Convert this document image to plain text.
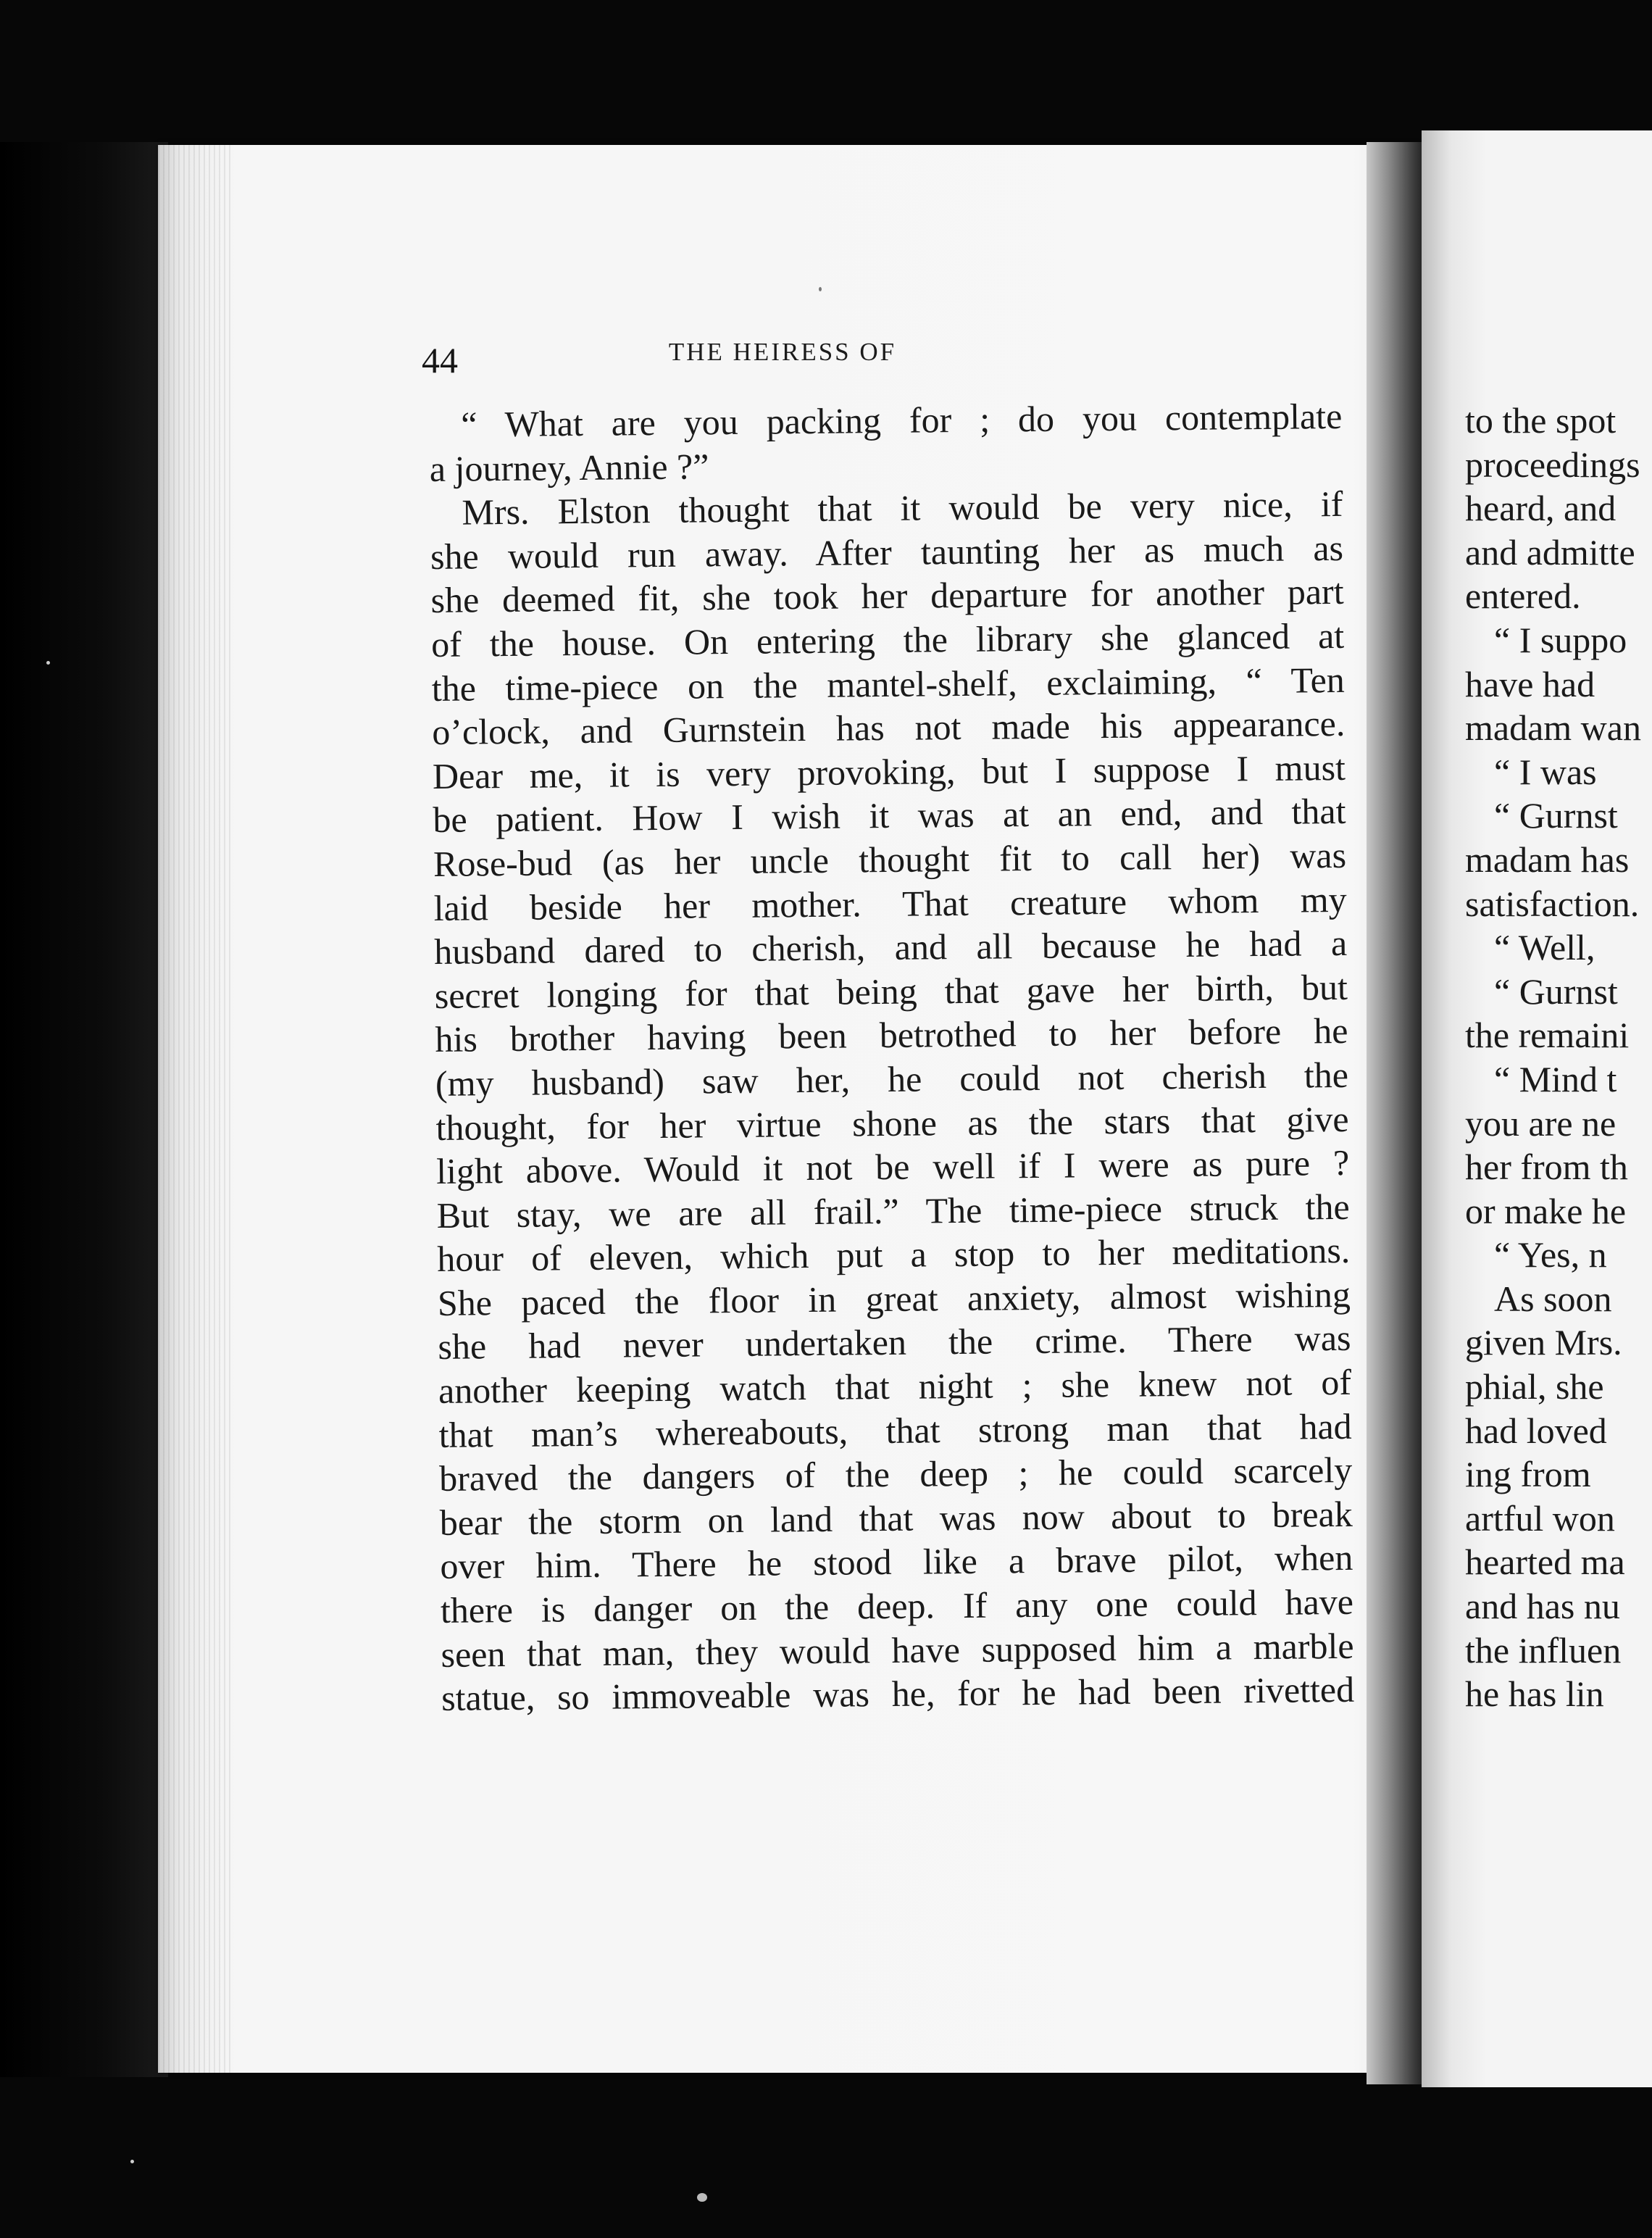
44	THE HEIRESS OF
“ What are you packing for ; do you contemplate
a journey, Annie ?”
Mrs. Elston thought that it would be very nice, if
she would run away. After taunting her as much as
she deemed fit, she took her departure for another part
of the house. On entering the library she glanced at
the time-piece on the mantel-shelf, exclaiming, “ Ten
o’clock, and Gurnstein has not made his appearance.
Dear me, it is very provoking, but I suppose I must
be patient. How I wish it was at an end, and that
Rose-bud (as her uncle thought fit to call her) was
laid beside her mother. That creature whom my
husband dared to cherish, and all because he had a
secret longing for that being that gave her birth, but
his brother having been betrothed to her before he
(my husband) saw her, he could not cherish the
thought, for her virtue shone as the stars that give
light above. Would it not be well if I were as pure ?
But stay, we are all frail.” The time-piece struck the
hour of eleven, which put a stop to her meditations.
She paced the floor in great anxiety, almost wishing
she had never undertaken the crime. There was
another keeping watch that night ; she knew not of
that man’s whereabouts, that strong man that had
braved the dangers of the deep ; he could scarcely
bear the storm on land that was now about to break
over him. There he stood like a brave pilot, when
there is danger on the deep. If any one could have
seen that man, they would have supposed him a marble
statue, so immoveable was he, for he had been rivetted
to the spot
proceedings
heard, and
and admitte
entered.
“ I suppo
have had
madam wan
“ I was
“ Gurnst
madam has
satisfaction.
“ Well,
“ Gurnst
the remaini
“ Mind t
you are ne
her from th
or make he
“ Yes, n
As soon
given Mrs.
phial, she
had loved
ing from
artful won
hearted ma
and has nu
the influen
he has lin
